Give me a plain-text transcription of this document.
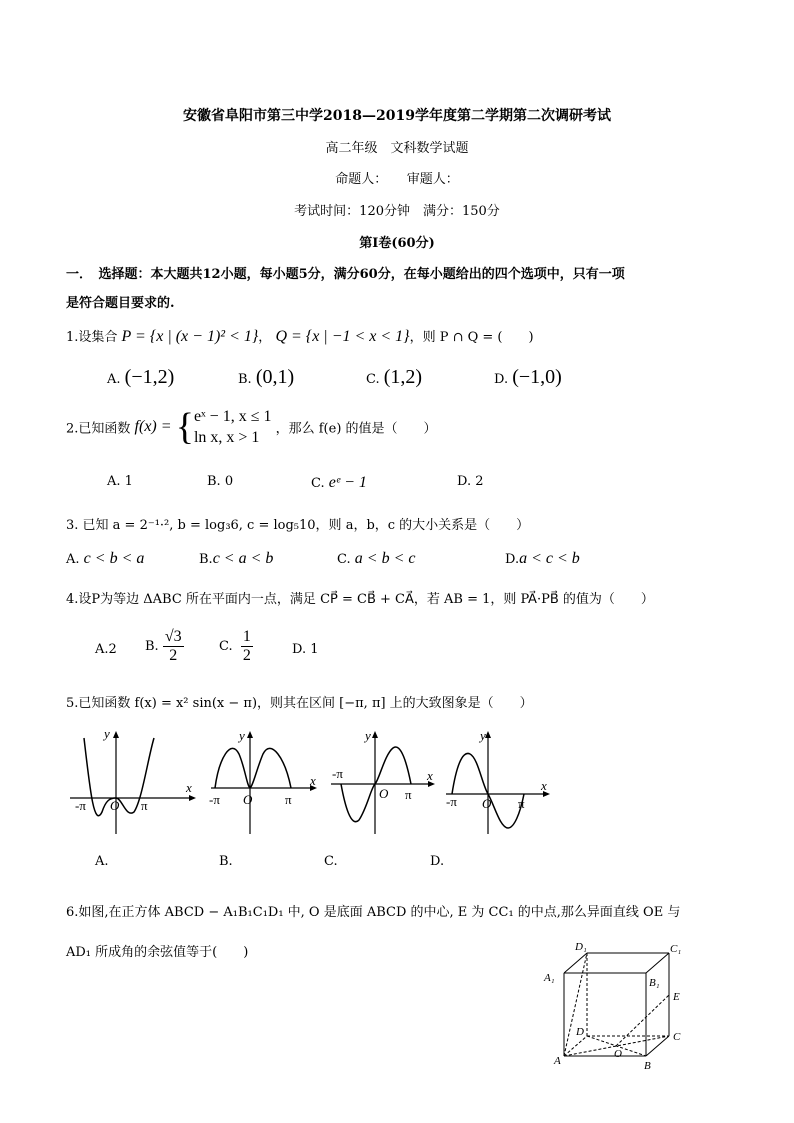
安徽省阜阳市第三中学2018—2019学年度第二学期第二次调研考试
高二年级　文科数学试题
命题人：　　审题人：
考试时间：120分钟　满分：150分
第Ⅰ卷(60分)
一．　选择题：本大题共12小题，每小题5分，满分60分，在每小题给出的四个选项中，只有一项
是符合题目要求的.
1.设集合 P = {x | (x − 1)² < 1}， Q = {x | −1 < x < 1}，则 P ∩ Q = (　　)
A. (−1,2)	B. (0,1)	C. (1,2)	D. (−1,0)
2.已知函数 f(x) = { eˣ − 1, x ≤ 1
ln x, x > 1	，那么 f(e) 的值是（　　）
A. 1	B. 0	C. eᵉ − 1	D. 2
3. 已知 a = 2⁻¹·², b = log₃6, c = log₅10，则 a，b，c 的大小关系是（　　）
A. c < b < a	B.c < a < b	C. a < b < c	D.a < c < b
4.设P为等边 ΔABC 所在平面内一点，满足 CP⃗ = CB⃗ + CA⃗，若 AB = 1，则 PA⃗·PB⃗ 的值为（　　）
A.2 B. $\frac{√3}{2}$	C. $\frac{1}{2}$	D. 1
5.已知函数 f(x) = x² sin(x − π)，则其在区间 [−π, π] 上的大致图象是（　　）
y
x
-π O π
y
x
-π O	π
y
x
-π
O π
y
x
-π O π
A.	B.	C.	D.
6.如图,在正方体 ABCD − A₁B₁C₁D₁ 中, O 是底面 ABCD 的中心, E 为 CC₁ 的中点,那么异面直线 OE 与
AD₁ 所成角的余弦值等于(　　)
A	B
C
D
A₁	B₁
C₁
D₁
E
O
